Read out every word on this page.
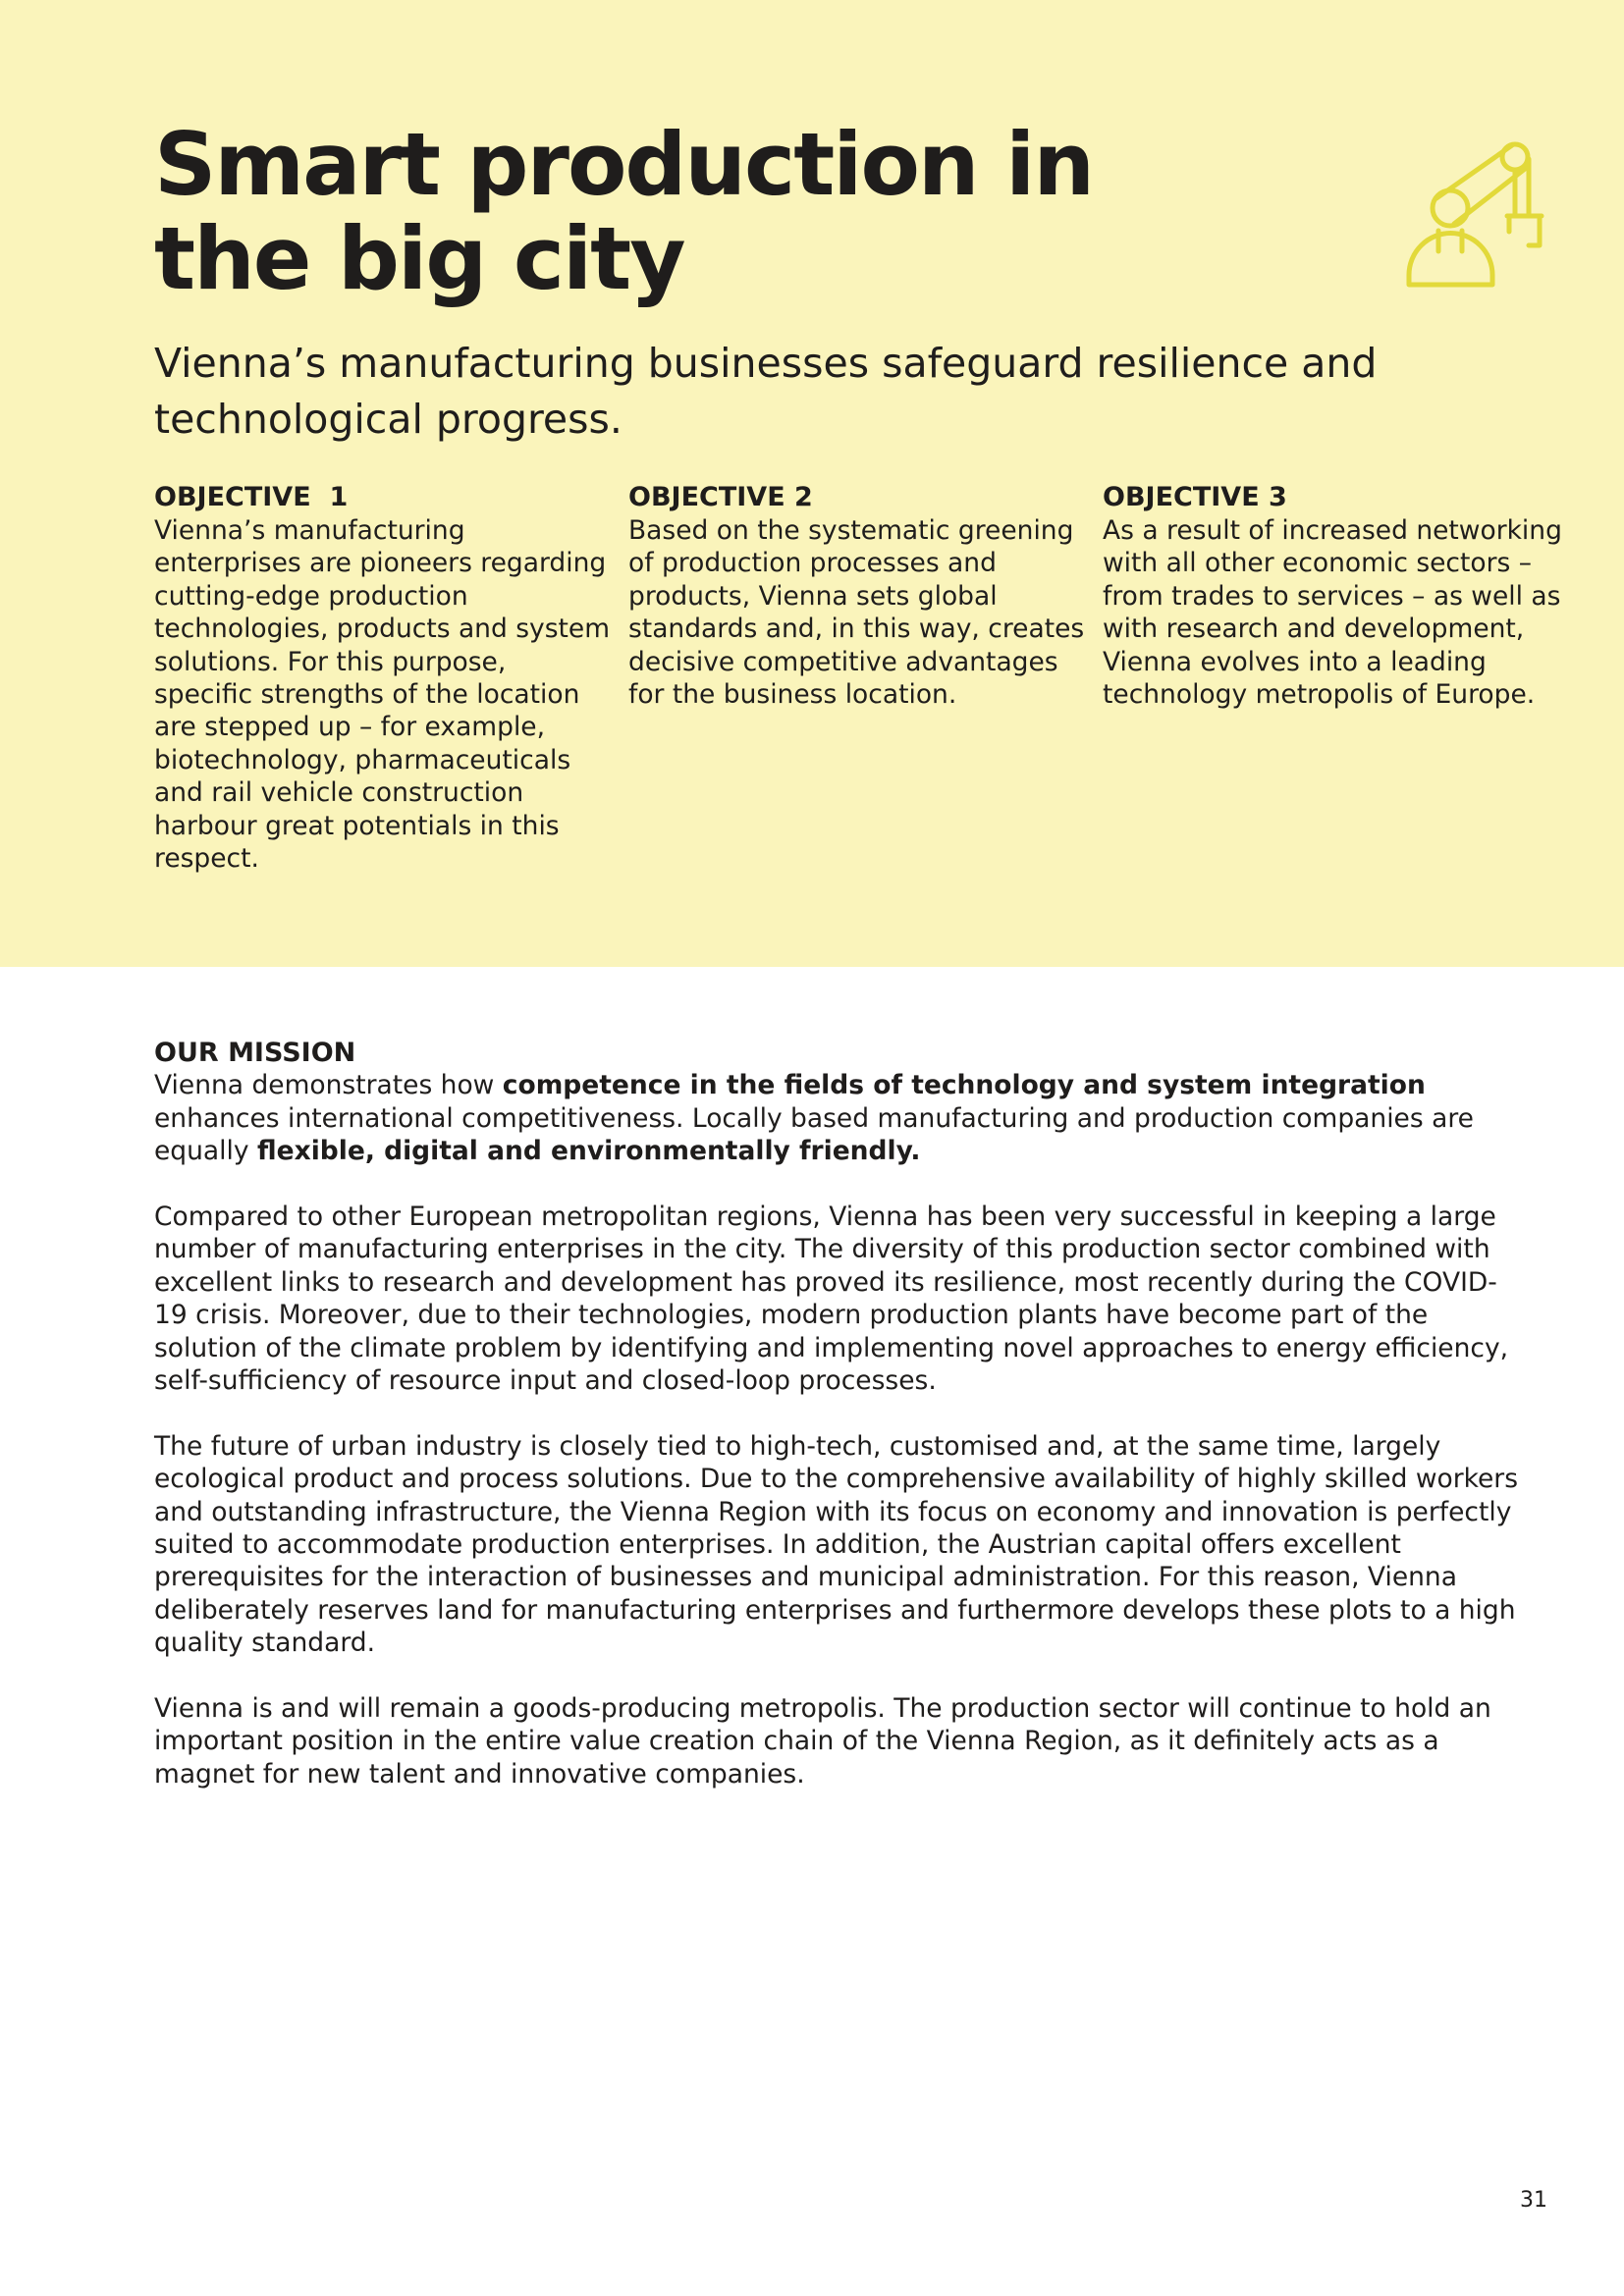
Smart production in
the big city
Vienna’s manufacturing businesses safeguard resilience and technological progress.
OBJECTIVE  1
Vienna’s manufacturing enterprises are pioneers regarding cutting-edge production technologies, products and system solutions. For this purpose, specific strengths of the location are stepped up – for example, biotechnology, pharmaceuticals and rail vehicle construction harbour great potentials in this respect.
OBJECTIVE 2
Based on the systematic greening of production processes and products, Vienna sets global standards and, in this way, creates decisive competitive advantages for the business location.
OBJECTIVE 3
As a result of increased networking with all other economic sectors – from trades to services – as well as with research and development, Vienna evolves into a leading technology metropolis of Europe.
OUR MISSION

Vienna demonstrates how competence in the fields of technology and system integration enhances international competitiveness. Locally based manufacturing and production companies are equally flexible, digital and environmentally friendly.

Compared to other European metropolitan regions, Vienna has been very successful in keeping a large number of manufacturing enterprises in the city. The diversity of this production sector combined with excellent links to research and development has proved its resilience, most recently during the COVID-19 crisis. Moreover, due to their technologies, modern production plants have become part of the solution of the climate problem by identifying and implementing novel approaches to energy efficiency, self-sufficiency of resource input and closed-loop processes.

The future of urban industry is closely tied to high-tech, customised and, at the same time, largely ecological product and process solutions. Due to the comprehensive availability of highly skilled workers and outstanding infrastructure, the Vienna Region with its focus on economy and innovation is perfectly suited to accommodate production enterprises. In addition, the Austrian capital offers excellent prerequisites for the interaction of businesses and municipal administration. For this reason, Vienna deliberately reserves land for manufacturing enterprises and furthermore develops these plots to a high quality standard.

Vienna is and will remain a goods-producing metropolis. The production sector will continue to hold an important position in the entire value creation chain of the Vienna Region, as it definitely acts as a magnet for new talent and innovative companies.

31
